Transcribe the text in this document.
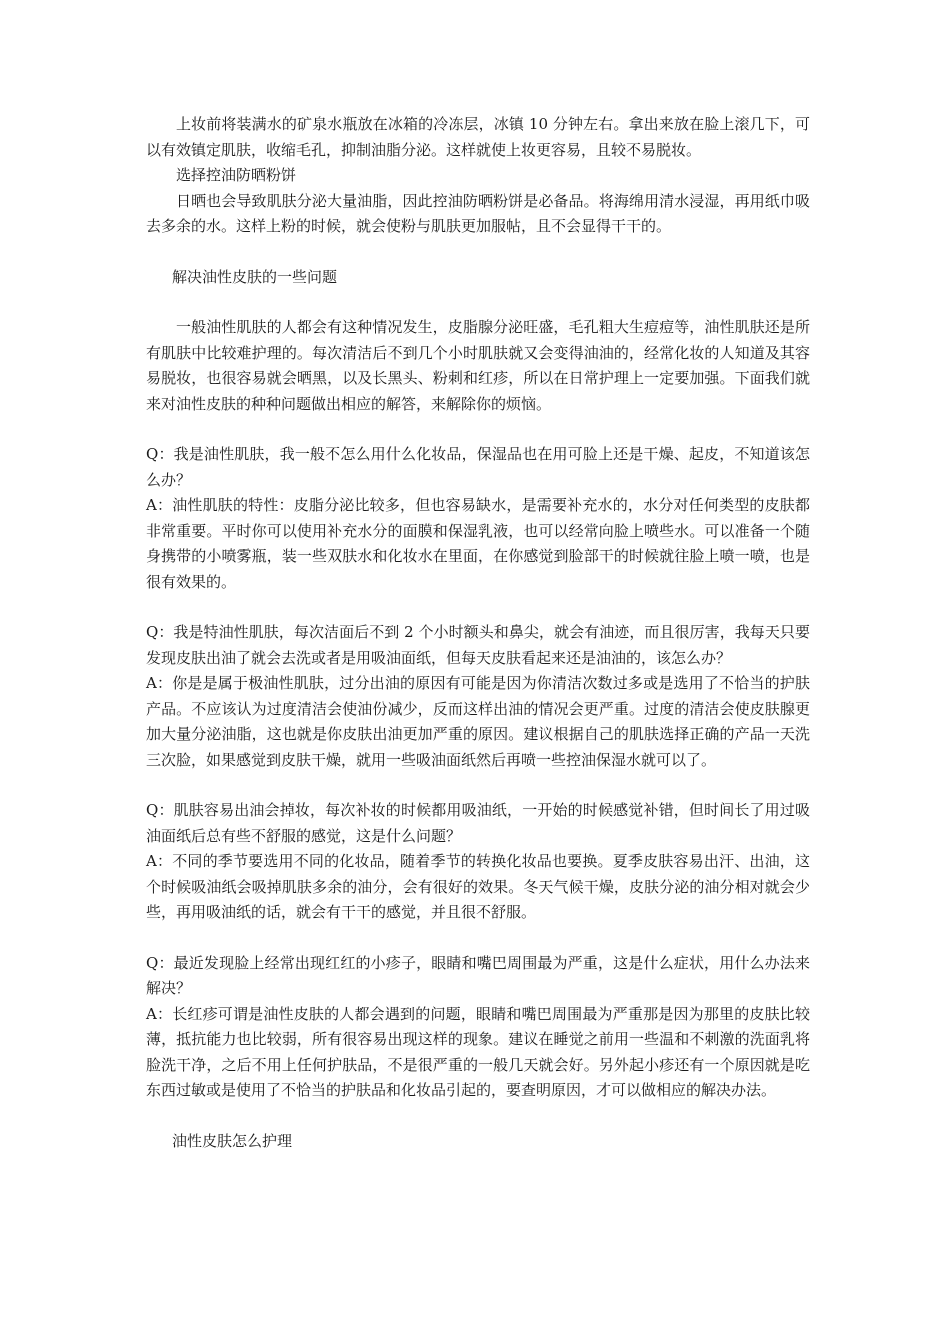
上妆前将装满水的矿泉水瓶放在冰箱的冷冻层，冰镇 10 分钟左右。拿出来放在脸上滚几下，可以有效镇定肌肤，收缩毛孔，抑制油脂分泌。这样就使上妆更容易，且较不易脱妆。

选择控油防晒粉饼

日晒也会导致肌肤分泌大量油脂，因此控油防晒粉饼是必备品。将海绵用清水浸湿，再用纸巾吸去多余的水。这样上粉的时候，就会使粉与肌肤更加服帖，且不会显得干干的。

解决油性皮肤的一些问题

一般油性肌肤的人都会有这种情况发生，皮脂腺分泌旺盛，毛孔粗大生痘痘等，油性肌肤还是所有肌肤中比较难护理的。每次清洁后不到几个小时肌肤就又会变得油油的，经常化妆的人知道及其容易脱妆，也很容易就会晒黑，以及长黑头、粉刺和红疹，所以在日常护理上一定要加强。下面我们就来对油性皮肤的种种问题做出相应的解答，来解除你的烦恼。

Q：我是油性肌肤，我一般不怎么用什么化妆品，保湿品也在用可脸上还是干燥、起皮，不知道该怎么办？

A：油性肌肤的特性：皮脂分泌比较多，但也容易缺水，是需要补充水的，水分对任何类型的皮肤都非常重要。平时你可以使用补充水分的面膜和保湿乳液，也可以经常向脸上喷些水。可以准备一个随身携带的小喷雾瓶，装一些双肤水和化妆水在里面，在你感觉到脸部干的时候就往脸上喷一喷，也是很有效果的。

Q：我是特油性肌肤，每次洁面后不到 2 个小时额头和鼻尖，就会有油迹，而且很厉害，我每天只要发现皮肤出油了就会去洗或者是用吸油面纸，但每天皮肤看起来还是油油的，该怎么办？

A：你是是属于极油性肌肤，过分出油的原因有可能是因为你清洁次数过多或是选用了不恰当的护肤产品。不应该认为过度清洁会使油份减少，反而这样出油的情况会更严重。过度的清洁会使皮肤腺更加大量分泌油脂，这也就是你皮肤出油更加严重的原因。建议根据自己的肌肤选择正确的产品一天洗三次脸，如果感觉到皮肤干燥，就用一些吸油面纸然后再喷一些控油保湿水就可以了。

Q：肌肤容易出油会掉妆，每次补妆的时候都用吸油纸，一开始的时候感觉补错，但时间长了用过吸油面纸后总有些不舒服的感觉，这是什么问题？

A：不同的季节要选用不同的化妆品，随着季节的转换化妆品也要换。夏季皮肤容易出汗、出油，这个时候吸油纸会吸掉肌肤多余的油分，会有很好的效果。冬天气候干燥，皮肤分泌的油分相对就会少些，再用吸油纸的话，就会有干干的感觉，并且很不舒服。

Q：最近发现脸上经常出现红红的小疹子，眼睛和嘴巴周围最为严重，这是什么症状，用什么办法来解决？

A：长红疹可谓是油性皮肤的人都会遇到的问题，眼睛和嘴巴周围最为严重那是因为那里的皮肤比较薄，抵抗能力也比较弱，所有很容易出现这样的现象。建议在睡觉之前用一些温和不刺激的洗面乳将脸洗干净，之后不用上任何护肤品，不是很严重的一般几天就会好。另外起小疹还有一个原因就是吃东西过敏或是使用了不恰当的护肤品和化妆品引起的，要查明原因，才可以做相应的解决办法。

油性皮肤怎么护理
